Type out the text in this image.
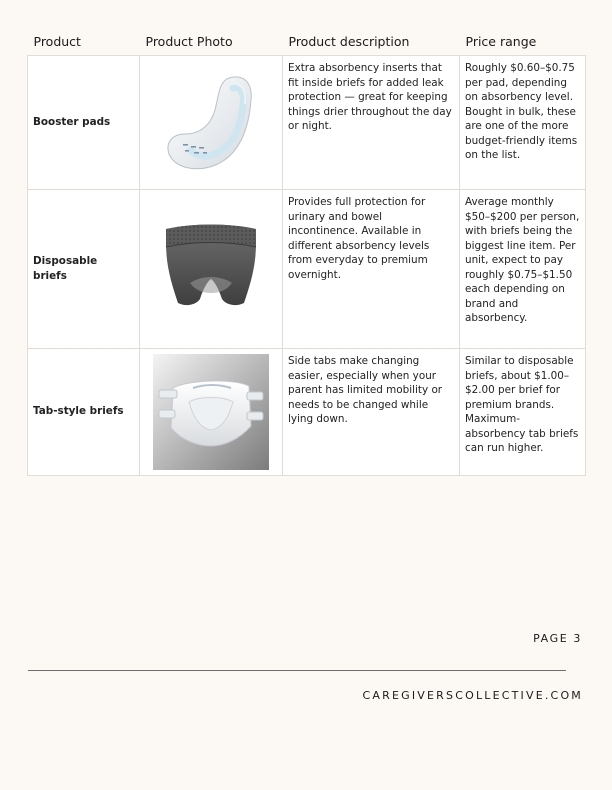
Product	Product Photo	Product description	Price range
Booster pads		Extra absorbency inserts that fit inside briefs for added leak protection — great for keeping things drier throughout the day or night.	Roughly $0.60–$0.75 per pad, depending on absorbency level. Bought in bulk, these are one of the more budget-friendly items on the list.
Disposable briefs		Provides full protection for urinary and bowel incontinence. Available in different absorbency levels from everyday to premium overnight.	Average monthly $50–$200 per person, with briefs being the biggest line item. Per unit, expect to pay roughly $0.75–$1.50 each depending on brand and absorbency.
Tab-style briefs		Side tabs make changing easier, especially when your parent has limited mobility or needs to be changed while lying down.	Similar to disposable briefs, about $1.00–$2.00 per brief for premium brands. Maximum-absorbency tab briefs can run higher.
PAGE 3
CAREGIVERSCOLLECTIVE.COM
